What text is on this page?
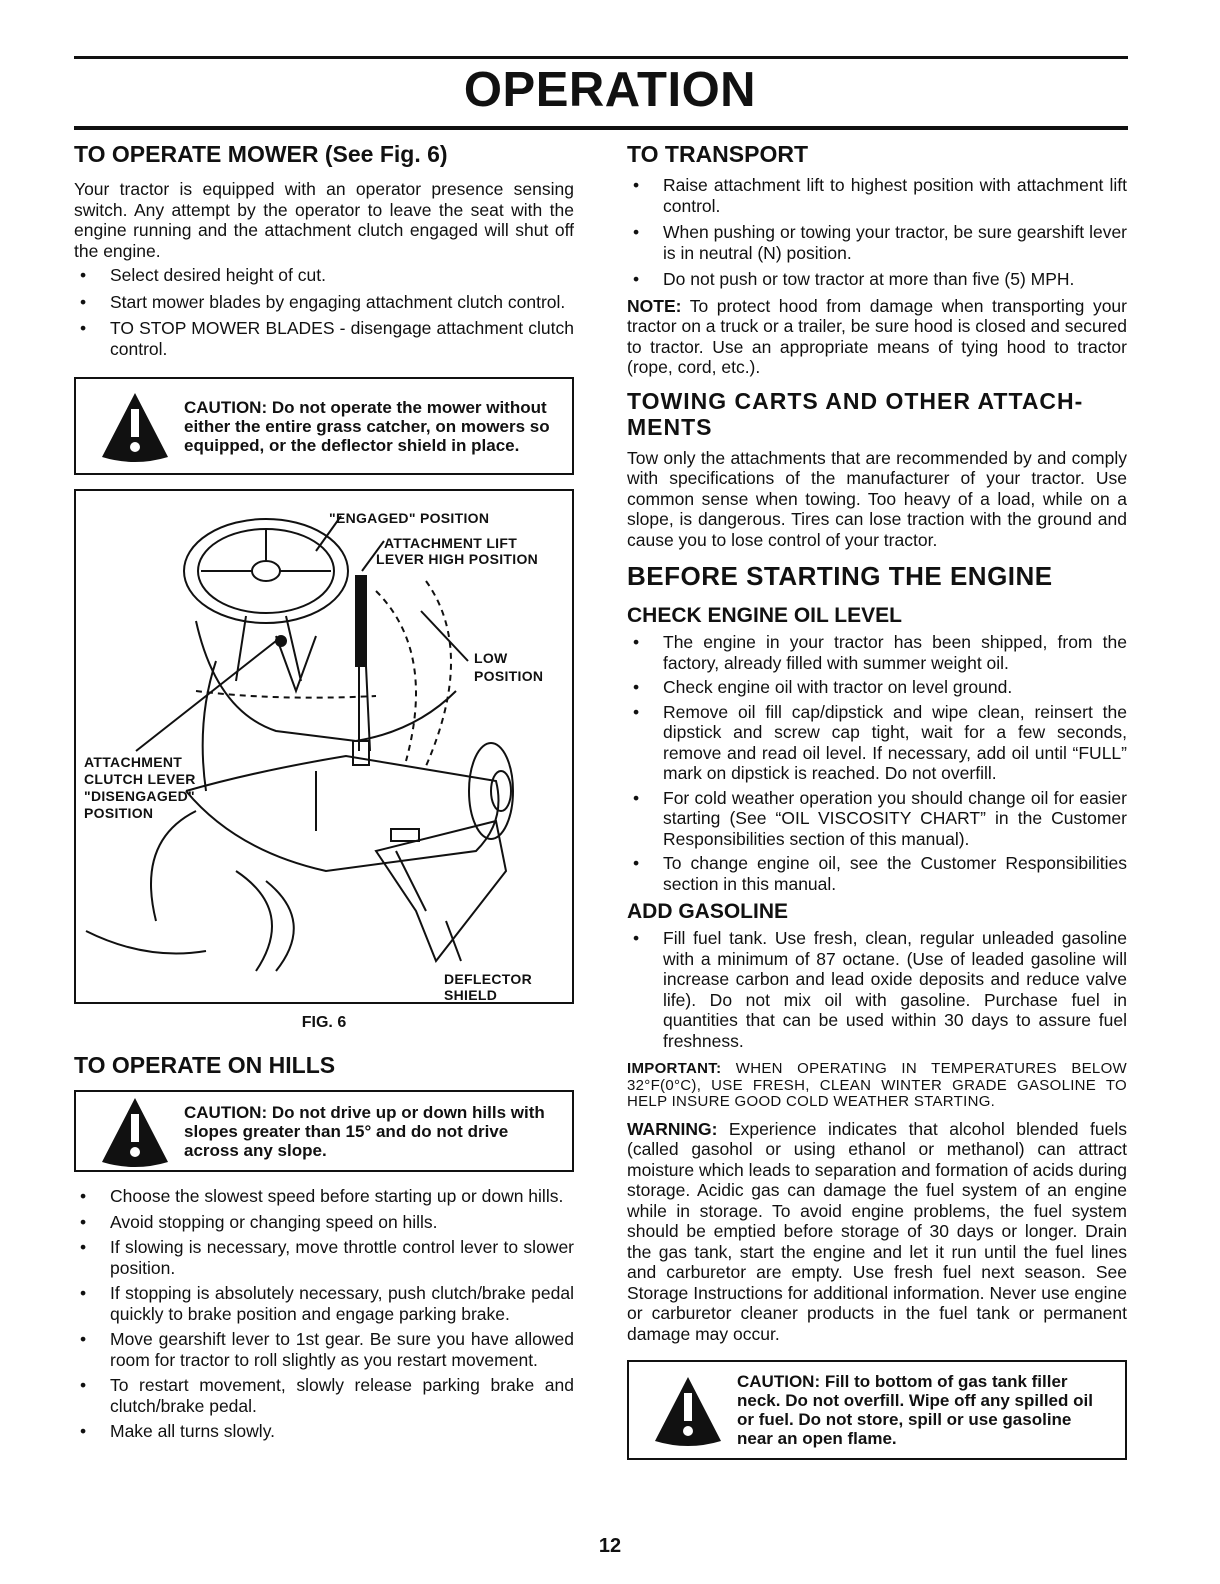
OPERATION
TO OPERATE MOWER (See Fig. 6)

Your tractor is equipped with an operator presence sensing switch. Any attempt by the operator to leave the seat with the engine running and the attachment clutch engaged will shut off the engine.

• Select desired height of cut.
• Start mower blades by engaging attachment clutch control.
• TO STOP MOWER BLADES - disengage attachment clutch control.
CAUTION: Do not operate the mower without either the entire grass catcher, on mowers so equipped, or the deflector shield in place.
"ENGAGED" POSITION
ATTACHMENT LIFT
LEVER HIGH POSITION
LOW
POSITION
ATTACHMENT
CLUTCH LEVER
"DISENGAGED"
POSITION
DEFLECTOR
SHIELD
FIG. 6
TO OPERATE ON HILLS
CAUTION: Do not drive up or down hills with slopes greater than 15° and do not drive across any slope.
• Choose the slowest speed before starting up or down hills.
• Avoid stopping or changing speed on hills.
• If slowing is necessary, move throttle control lever to slower position.
• If stopping is absolutely necessary, push clutch/brake pedal quickly to brake position and engage parking brake.
• Move gearshift lever to 1st gear. Be sure you have allowed room for tractor to roll slightly as you restart movement.
• To restart movement, slowly release parking brake and clutch/brake pedal.
• Make all turns slowly.
TO TRANSPORT
• Raise attachment lift to highest position with attachment lift control.
• When pushing or towing your tractor, be sure gearshift lever is in neutral (N) position.
• Do not push or tow tractor at more than five (5) MPH.

NOTE: To protect hood from damage when transporting your tractor on a truck or a trailer, be sure hood is closed and secured to tractor. Use an appropriate means of tying hood to tractor (rope, cord, etc.).

TOWING CARTS AND OTHER ATTACH-MENTS

Tow only the attachments that are recommended by and comply with specifications of the manufacturer of your tractor. Use common sense when towing. Too heavy of a load, while on a slope, is dangerous. Tires can lose traction with the ground and cause you to lose control of your tractor.

BEFORE STARTING THE ENGINE
CHECK ENGINE OIL LEVEL
• The engine in your tractor has been shipped, from the factory, already filled with summer weight oil.
• Check engine oil with tractor on level ground.
• Remove oil fill cap/dipstick and wipe clean, reinsert the dipstick and screw cap tight, wait for a few seconds, remove and read oil level. If necessary, add oil until “FULL” mark on dipstick is reached. Do not overfill.
• For cold weather operation you should change oil for easier starting (See “OIL VISCOSITY CHART” in the Customer Responsibilities section of this manual).
• To change engine oil, see the Customer Responsibilities section in this manual.
ADD GASOLINE
• Fill fuel tank. Use fresh, clean, regular unleaded gasoline with a minimum of 87 octane. (Use of leaded gasoline will increase carbon and lead oxide deposits and reduce valve life). Do not mix oil with gasoline. Purchase fuel in quantities that can be used within 30 days to assure fuel freshness.

IMPORTANT: WHEN OPERATING IN TEMPERATURES BELOW 32°F(0°C), USE FRESH, CLEAN WINTER GRADE GASOLINE TO HELP INSURE GOOD COLD WEATHER STARTING.

WARNING: Experience indicates that alcohol blended fuels (called gasohol or using ethanol or methanol) can attract moisture which leads to separation and formation of acids during storage. Acidic gas can damage the fuel system of an engine while in storage. To avoid engine problems, the fuel system should be emptied before storage of 30 days or longer. Drain the gas tank, start the engine and let it run until the fuel lines and carburetor are empty. Use fresh fuel next season. See Storage Instructions for additional information. Never use engine or carburetor cleaner products in the fuel tank or permanent damage may occur.

CAUTION: Fill to bottom of gas tank filler neck. Do not overfill. Wipe off any spilled oil or fuel. Do not store, spill or use gasoline near an open flame.
12
